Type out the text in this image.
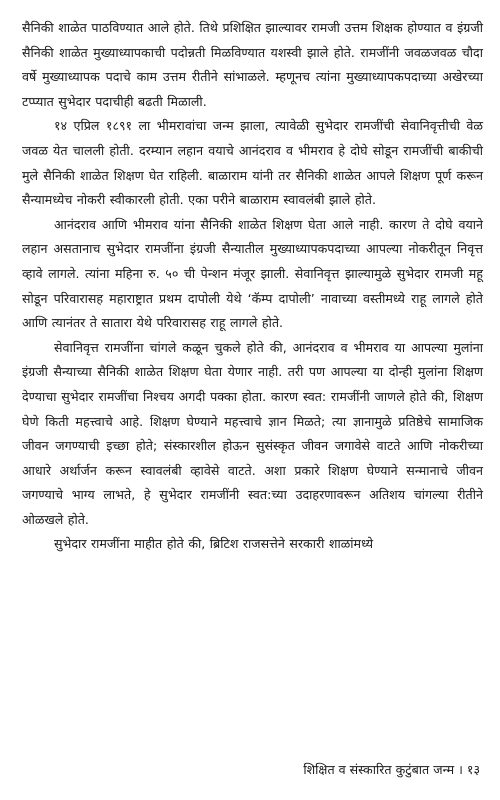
सैनिकी शाळेत पाठविण्यात आले होते. तिथे प्रशिक्षित झाल्यावर रामजी उत्तम शिक्षक होण्यात व इंग्रजी सैनिकी शाळेत मुख्याध्यापकाची पदोन्नती मिळविण्यात यशस्वी झाले होते. रामजींनी जवळजवळ चौदा वर्षे मुख्याध्यापक पदाचे काम उत्तम रीतीने सांभाळले. म्हणूनच त्यांना मुख्याध्यापकपदाच्या अखेरच्या टप्प्यात सुभेदार पदाचीही बढती मिळाली.

१४ एप्रिल १८९१ ला भीमरावांचा जन्म झाला, त्यावेळी सुभेदार रामजींची सेवानिवृत्तीची वेळ जवळ येत चालली होती. दरम्यान लहान वयाचे आनंदराव व भीमराव हे दोघे सोडून रामजींची बाकीची मुले सैनिकी शाळेत शिक्षण घेत राहिली. बाळाराम यांनी तर सैनिकी शाळेत आपले शिक्षण पूर्ण करून सैन्यामध्येच नोकरी स्वीकारली होती. एका परीने बाळाराम स्वावलंबी झाले होते.

आनंदराव आणि भीमराव यांना सैनिकी शाळेत शिक्षण घेता आले नाही. कारण ते दोघे वयाने लहान असतानाच सुभेदार रामजींना इंग्रजी सैन्यातील मुख्याध्यापकपदाच्या आपल्या नोकरीतून निवृत्त व्हावे लागले. त्यांना महिना रु. ५० ची पेन्शन मंजूर झाली. सेवानिवृत्त झाल्यामुळे सुभेदार रामजी महू सोडून परिवारासह महाराष्ट्रात प्रथम दापोली येथे ‘कॅम्प दापोली’ नावाच्या वस्तीमध्ये राहू लागले होते आणि त्यानंतर ते सातारा येथे परिवारासह राहू लागले होते.

सेवानिवृत्त रामजींना चांगले कळून चुकले होते की, आनंदराव व भीमराव या आपल्या मुलांना इंग्रजी सैन्याच्या सैनिकी शाळेत शिक्षण घेता येणार नाही. तरी पण आपल्या या दोन्ही मुलांना शिक्षण देण्याचा सुभेदार रामजींचा निश्चय अगदी पक्का होता. कारण स्वत: रामजींनी जाणले होते की, शिक्षण घेणे किती महत्त्वाचे आहे. शिक्षण घेण्याने महत्त्वाचे ज्ञान मिळते; त्या ज्ञानामुळे प्रतिष्ठेचे सामाजिक जीवन जगण्याची इच्छा होते; संस्कारशील होऊन सुसंस्कृत जीवन जगावेसे वाटते आणि नोकरीच्या आधारे अर्थार्जन करून स्वावलंबी व्हावेसे वाटते. अशा प्रकारे शिक्षण घेण्याने सन्मानाचे जीवन जगण्याचे भाग्य लाभते, हे सुभेदार रामजींनी स्वत:च्या उदाहरणावरून अतिशय चांगल्या रीतीने ओळखले होते.

सुभेदार रामजींना माहीत होते की, ब्रिटिश राजसत्तेने सरकारी शाळांमध्ये

शिक्षित व संस्कारित कुटुंबात जन्म । १३
